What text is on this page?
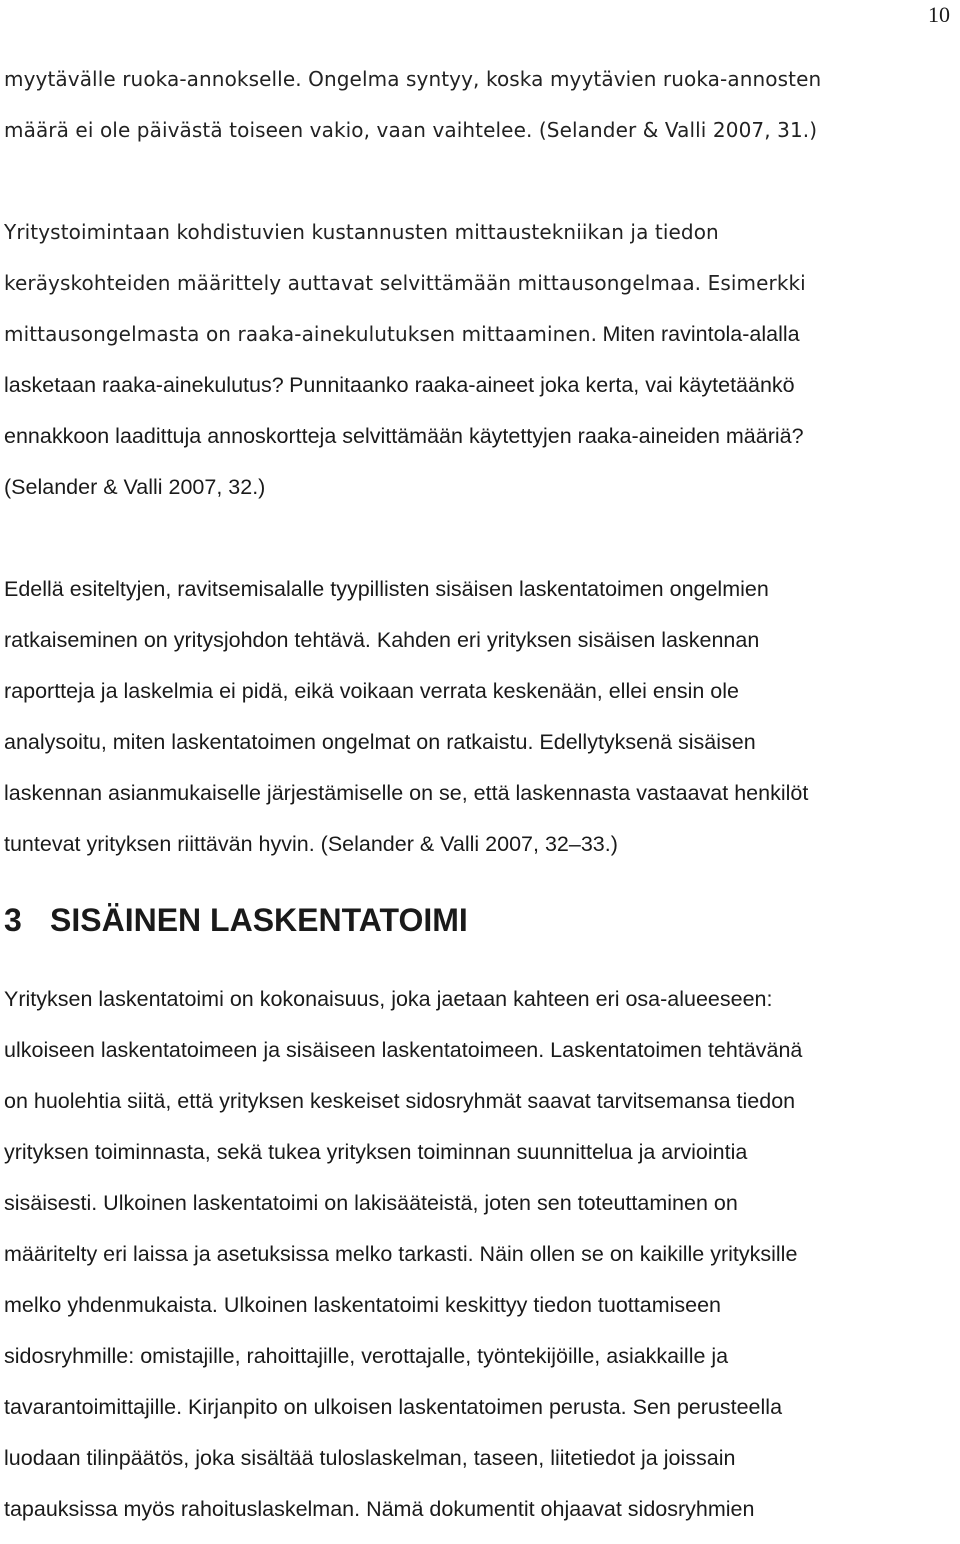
10
myytävälle ruoka-annokselle. Ongelma syntyy, koska myytävien ruoka-annosten
määrä ei ole päivästä toiseen vakio, vaan vaihtelee. (Selander & Valli 2007, 31.)
Yritystoimintaan kohdistuvien kustannusten mittaustekniikan ja tiedon
keräyskohteiden määrittely auttavat selvittämään mittausongelmaa. Esimerkki
mittausongelmasta on raaka-ainekulutuksen mittaaminen. Miten ravintola-alalla
lasketaan raaka-ainekulutus? Punnitaanko raaka-aineet joka kerta, vai käytetäänkö
ennakkoon laadittuja annoskortteja selvittämään käytettyjen raaka-aineiden määriä?
(Selander & Valli 2007, 32.)
Edellä esiteltyjen, ravitsemisalalle tyypillisten sisäisen laskentatoimen ongelmien
ratkaiseminen on yritysjohdon tehtävä. Kahden eri yrityksen sisäisen laskennan
raportteja ja laskelmia ei pidä, eikä voikaan verrata keskenään, ellei ensin ole
analysoitu, miten laskentatoimen ongelmat on ratkaistu. Edellytyksenä sisäisen
laskennan asianmukaiselle järjestämiselle on se, että laskennasta vastaavat henkilöt
tuntevat yrityksen riittävän hyvin. (Selander & Valli 2007, 32–33.)
3 SISÄINEN LASKENTATOIMI
Yrityksen laskentatoimi on kokonaisuus, joka jaetaan kahteen eri osa-alueeseen:
ulkoiseen laskentatoimeen ja sisäiseen laskentatoimeen. Laskentatoimen tehtävänä
on huolehtia siitä, että yrityksen keskeiset sidosryhmät saavat tarvitsemansa tiedon
yrityksen toiminnasta, sekä tukea yrityksen toiminnan suunnittelua ja arviointia
sisäisesti. Ulkoinen laskentatoimi on lakisääteistä, joten sen toteuttaminen on
määritelty eri laissa ja asetuksissa melko tarkasti. Näin ollen se on kaikille yrityksille
melko yhdenmukaista. Ulkoinen laskentatoimi keskittyy tiedon tuottamiseen
sidosryhmille: omistajille, rahoittajille, verottajalle, työntekijöille, asiakkaille ja
tavarantoimittajille. Kirjanpito on ulkoisen laskentatoimen perusta. Sen perusteella
luodaan tilinpäätös, joka sisältää tuloslaskelman, taseen, liitetiedot ja joissain
tapauksissa myös rahoituslaskelman. Nämä dokumentit ohjaavat sidosryhmien
